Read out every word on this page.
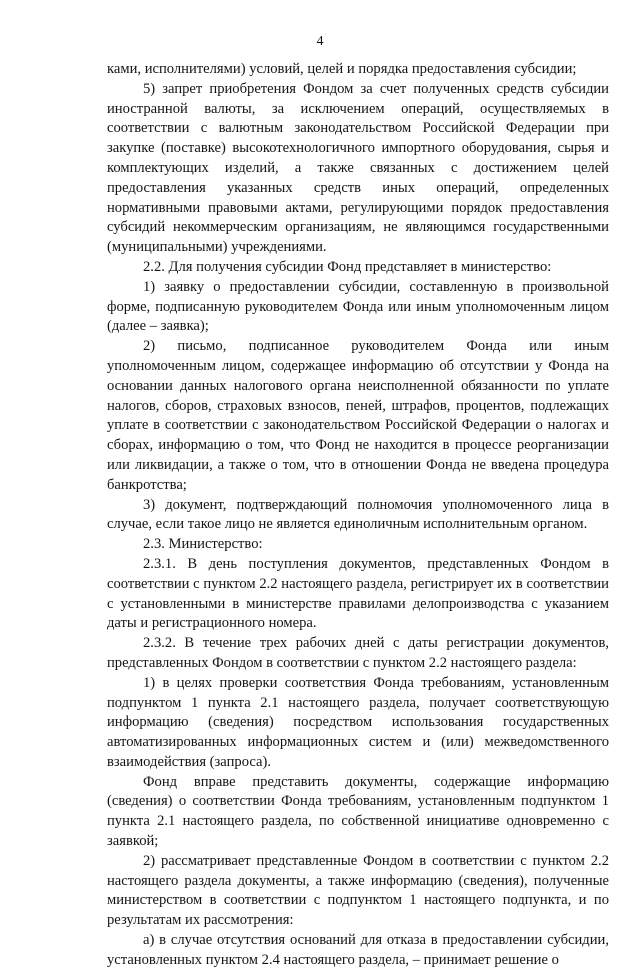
4

ками, исполнителями) условий, целей и порядка предоставления субсидии;

5) запрет приобретения Фондом за счет полученных средств субсидии иностранной валюты, за исключением операций, осуществляемых в соответствии с валютным законодательством Российской Федерации при закупке (поставке) высокотехнологичного импортного оборудования, сырья и комплектующих изделий, а также связанных с достижением целей предоставления указанных средств иных операций, определенных нормативными правовыми актами, регулирующими порядок предоставления субсидий некоммерческим организациям, не являющимся государственными (муниципальными) учреждениями.

2.2. Для получения субсидии Фонд представляет в министерство:

1) заявку о предоставлении субсидии, составленную в произвольной форме, подписанную руководителем Фонда или иным уполномоченным лицом (далее – заявка);

2) письмо, подписанное руководителем Фонда или иным уполномоченным лицом, содержащее информацию об отсутствии у Фонда на основании данных налогового органа неисполненной обязанности по уплате налогов, сборов, страховых взносов, пеней, штрафов, процентов, подлежащих уплате в соответствии с законодательством Российской Федерации о налогах и сборах, информацию о том, что Фонд не находится в процессе реорганизации или ликвидации, а также о том, что в отношении Фонда не введена процедура банкротства;

3) документ, подтверждающий полномочия уполномоченного лица в случае, если такое лицо не является единоличным исполнительным органом.

2.3. Министерство:

2.3.1. В день поступления документов, представленных Фондом в соответствии с пунктом 2.2 настоящего раздела, регистрирует их в соответствии с установленными в министерстве правилами делопроизводства с указанием даты и регистрационного номера.

2.3.2. В течение трех рабочих дней с даты регистрации документов, представленных Фондом в соответствии с пунктом 2.2 настоящего раздела:

1) в целях проверки соответствия Фонда требованиям, установленным подпунктом 1 пункта 2.1 настоящего раздела, получает соответствующую информацию (сведения) посредством использования государственных автоматизированных информационных систем и (или) межведомственного взаимодействия (запроса).

Фонд вправе представить документы, содержащие информацию (сведения) о соответствии Фонда требованиям, установленным подпунктом 1 пункта 2.1 настоящего раздела, по собственной инициативе одновременно с заявкой;

2) рассматривает представленные Фондом в соответствии с пунктом 2.2 настоящего раздела документы, а также информацию (сведения), полученные министерством в соответствии с подпунктом 1 настоящего подпункта, и по результатам их рассмотрения:

а) в случае отсутствия оснований для отказа в предоставлении субсидии, установленных пунктом 2.4 настоящего раздела, – принимает решение о
